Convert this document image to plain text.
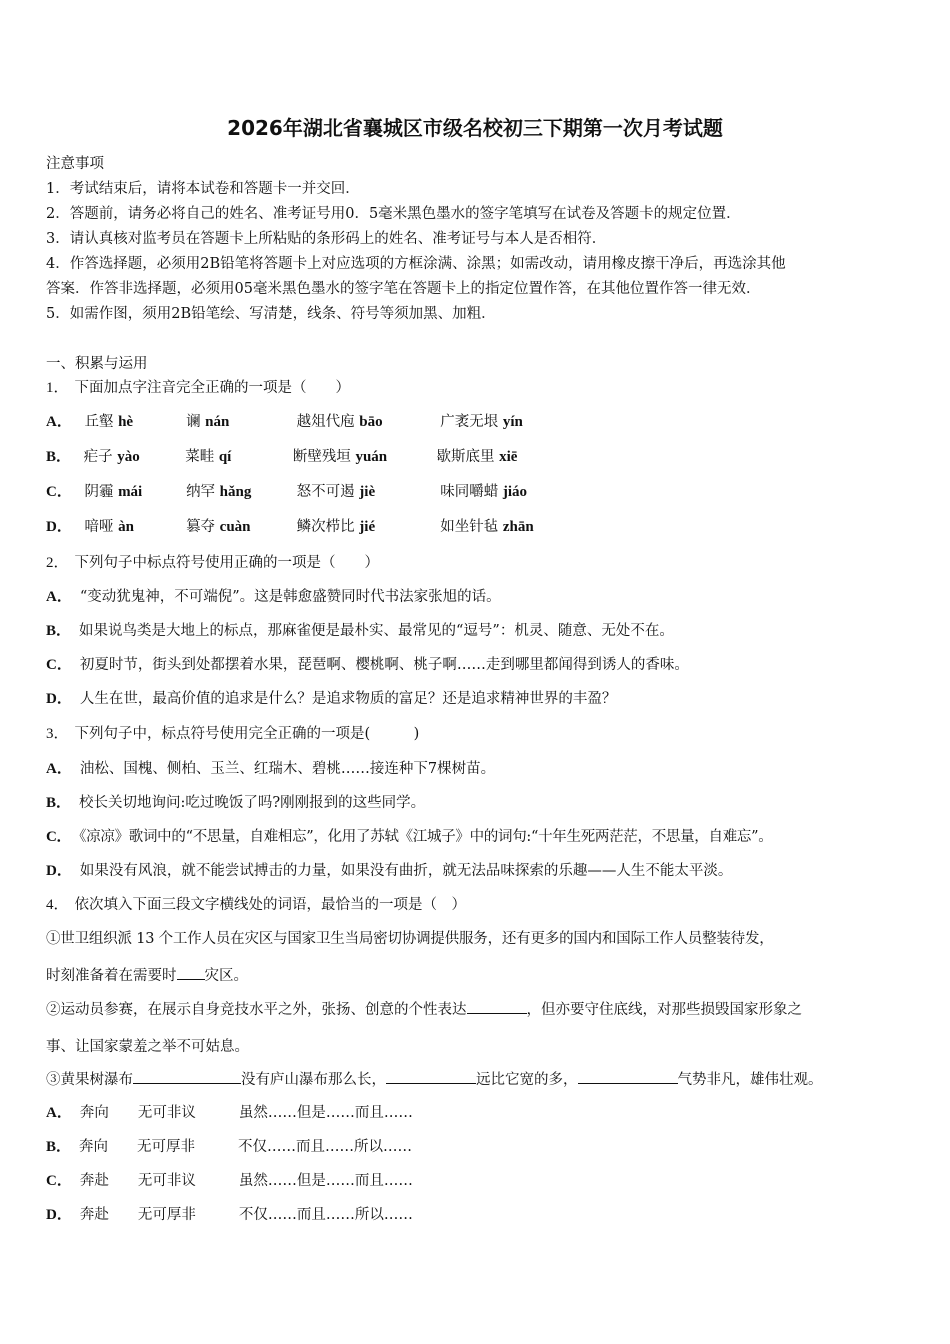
2026年湖北省襄城区市级名校初三下期第一次月考试题
注意事项
1．考试结束后，请将本试卷和答题卡一并交回．
2．答题前，请务必将自己的姓名、准考证号用0．5毫米黑色墨水的签字笔填写在试卷及答题卡的规定位置．
3．请认真核对监考员在答题卡上所粘贴的条形码上的姓名、准考证号与本人是否相符．
4．作答选择题，必须用2B铅笔将答题卡上对应选项的方框涂满、涂黑；如需改动，请用橡皮擦干净后，再选涂其他
答案．作答非选择题，必须用05毫米黑色墨水的签字笔在答题卡上的指定位置作答，在其他位置作答一律无效．
5．如需作图，须用2B铅笔绘、写清楚，线条、符号等须加黑、加粗．
一、积累与运用
1． 下面加点字注音完全正确的一项是（　　）
A． 丘壑 hè	谰 nán	越俎代庖 bāo	广袤无垠 yín
B． 疟子 yào	菜畦 qí	断壁残垣 yuán	歇斯底里 xiē
C． 阴霾 mái	纳罕 hǎng	怒不可遏 jiè	味同嚼蜡 jiáo
D． 喑哑 àn	篡夺 cuàn	鳞次栉比 jié	如坐针毡 zhān
2． 下列句子中标点符号使用正确的一项是（　　）
A． “变动犹鬼神，不可端倪”。这是韩愈盛赞同时代书法家张旭的话。
B． 如果说鸟类是大地上的标点，那麻雀便是最朴实、最常见的“逗号”：机灵、随意、无处不在。
C． 初夏时节，街头到处都摆着水果，琵琶啊、樱桃啊、桃子啊……走到哪里都闻得到诱人的香味。
D． 人生在世，最高价值的追求是什么？是追求物质的富足？还是追求精神世界的丰盈？
3． 下列句子中，标点符号使用完全正确的一项是(　　　)
A． 油松、国槐、侧柏、玉兰、红瑞木、碧桃……接连种下7棵树苗。
B． 校长关切地询问:吃过晚饭了吗?刚刚报到的这些同学。
C． 《凉凉》歌词中的“不思量，自难相忘”，化用了苏轼《江城子》中的词句:“十年生死两茫茫，不思量，自难忘”。
D． 如果没有风浪，就不能尝试搏击的力量，如果没有曲折，就无法品味探索的乐趣——人生不能太平淡。
4． 依次填入下面三段文字横线处的词语，最恰当的一项是（　）
①世卫组织派 13 个工作人员在灾区与国家卫生当局密切协调提供服务，还有更多的国内和国际工作人员整装待发，
时刻准备着在需要时 灾区。
②运动员参赛，在展示自身竞技水平之外，张扬、创意的个性表达	，但亦要守住底线，对那些损毁国家形象之
事、让国家蒙羞之举不可姑息。
③黄果树瀑布	没有庐山瀑布那么长，	远比它宽的多，	气势非凡，雄伟壮观。
A． 奔向 无可非议	虽然……但是……而且……
B． 奔向 无可厚非	不仅……而且……所以……
C． 奔赴 无可非议	虽然……但是……而且……
D． 奔赴 无可厚非	不仅……而且……所以……
